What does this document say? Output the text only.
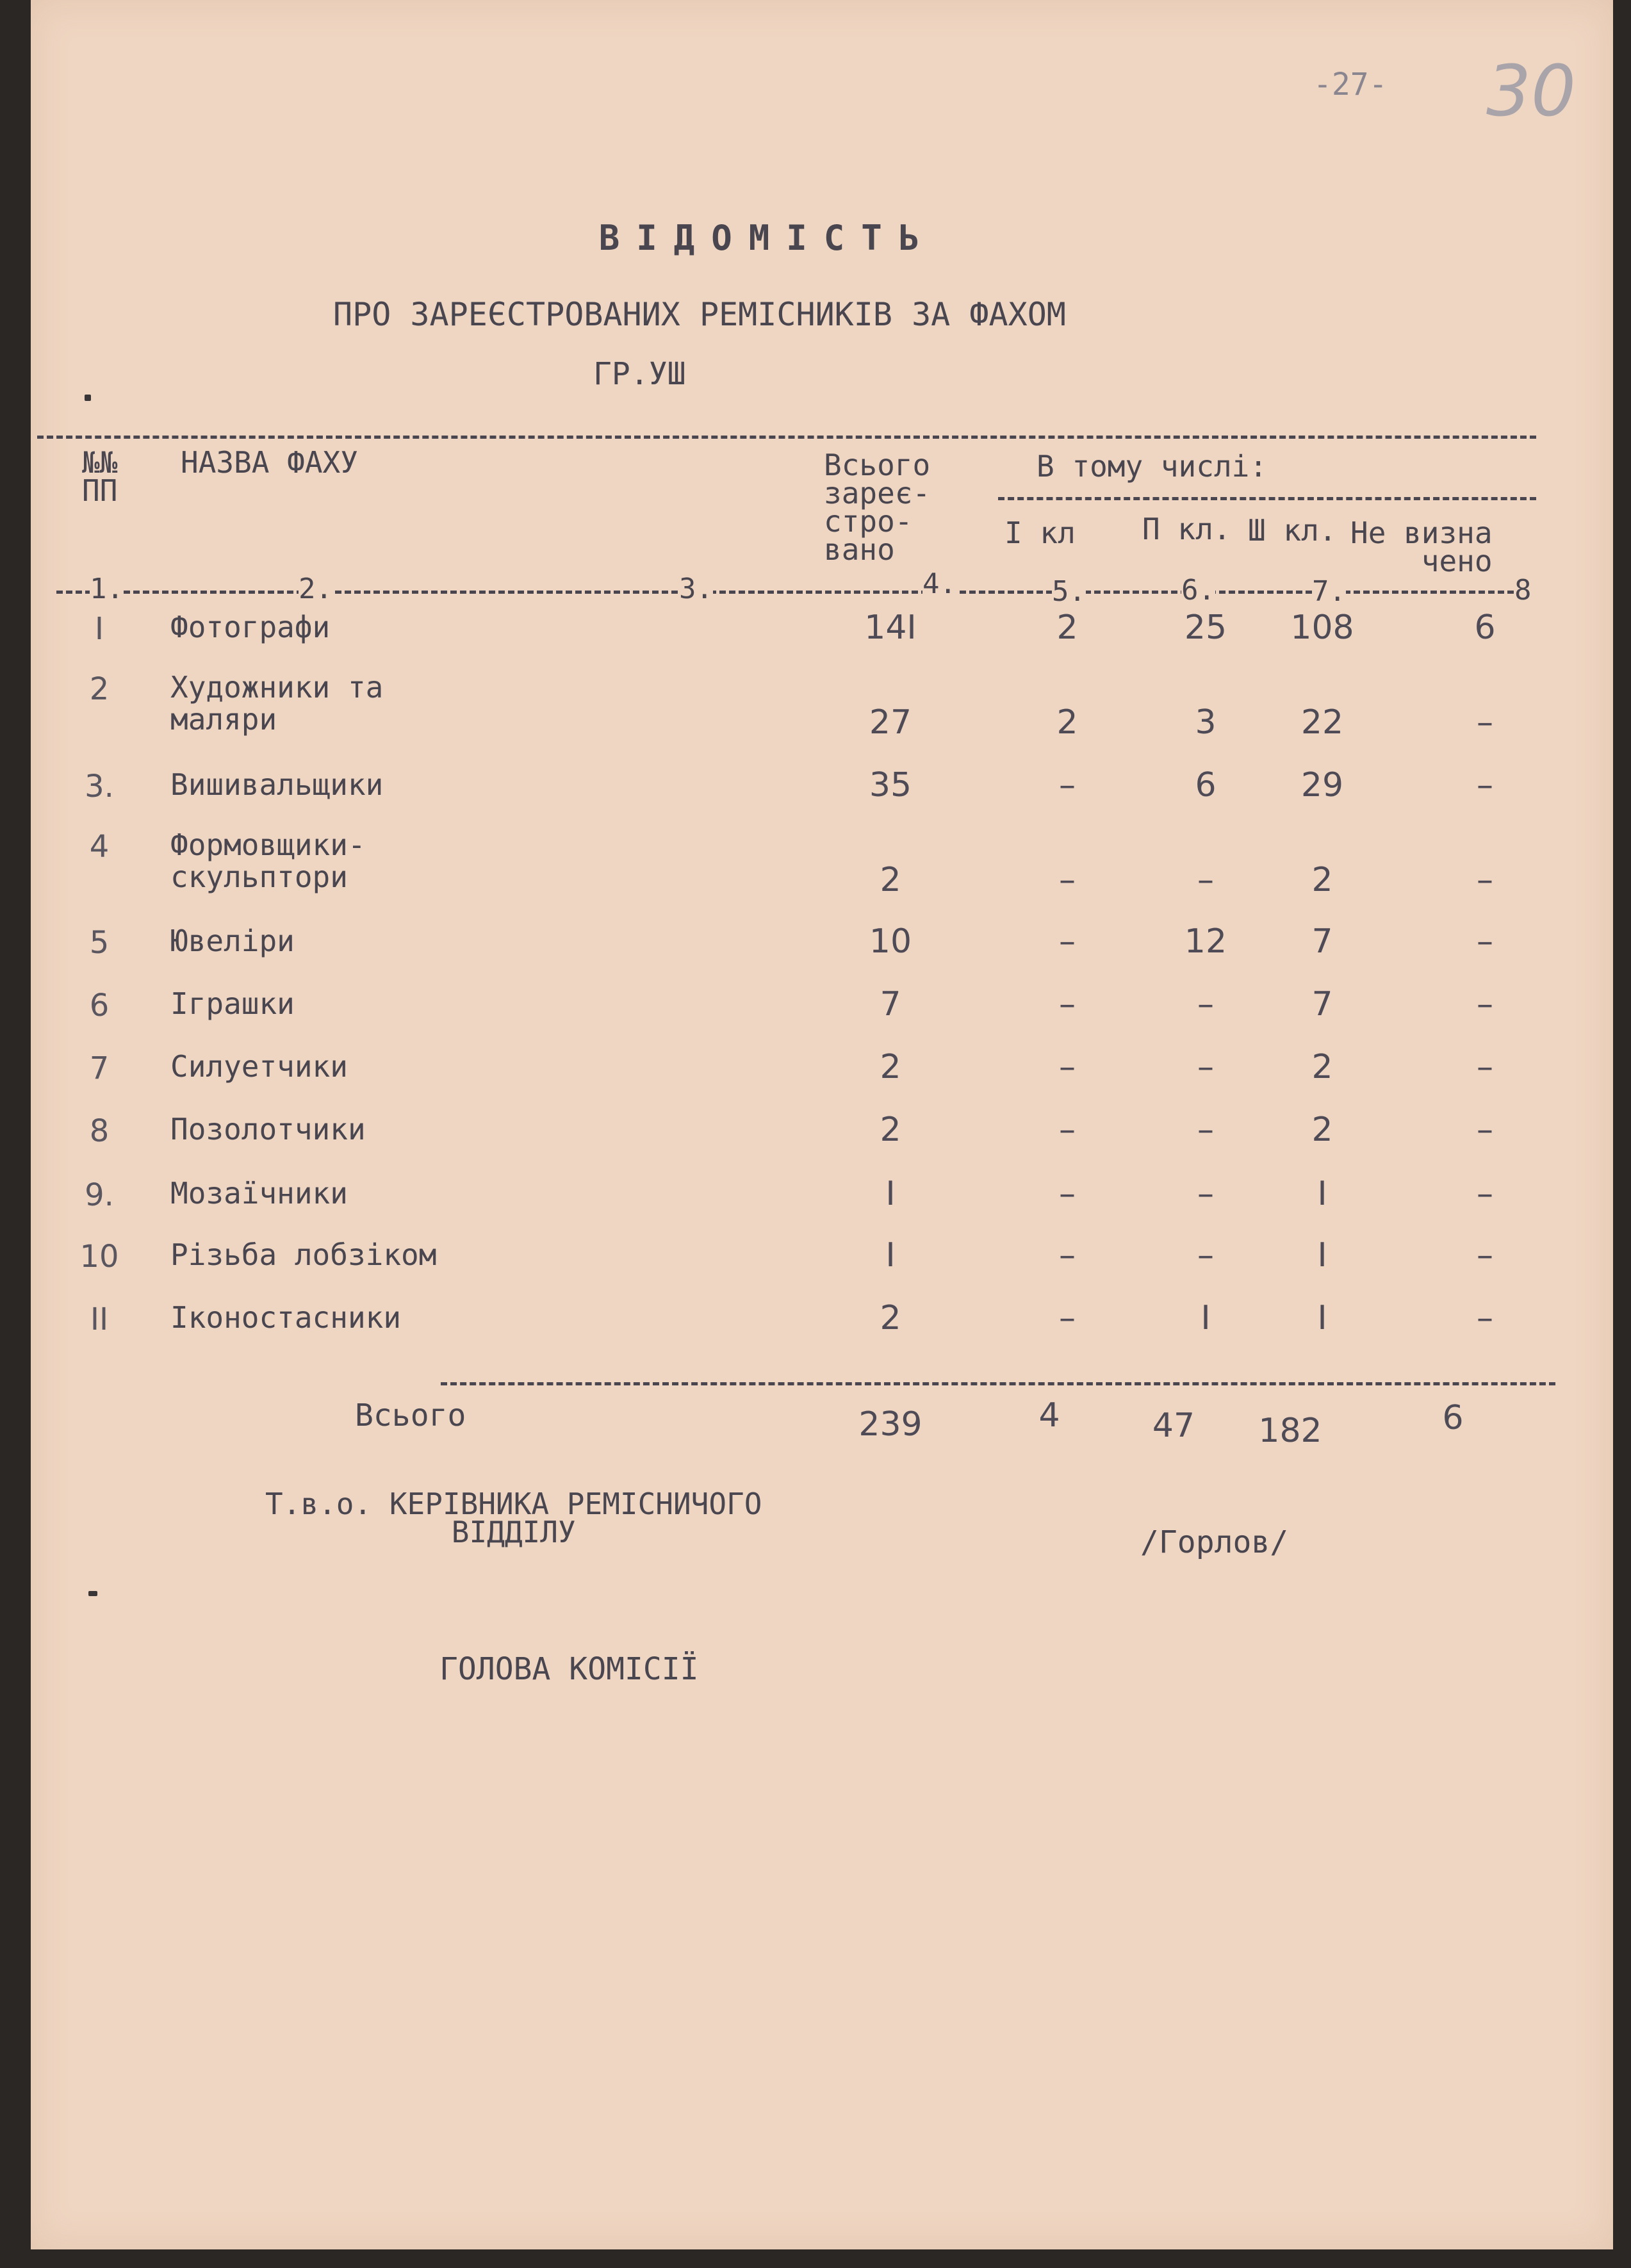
-27- 30
ВІДОМІСТЬ
ПРО ЗАРЕЄСТРОВАНИХ РЕМІСНИКІВ ЗА ФАХОМ
ГР.УШ
№№
ПП
НАЗВА ФАХУ	Всього
зареє-
стро-
вано
В тому числі:
І кл П кл. Ш кл. Не визна
чено
1.	2.	3.	4.	5.	6.	7.	8
І	Фотографи	14І	2	25	108	6
2	Художники та
маляри	27	2	3	22	–
3.	Вишивальщики	35	–	6	29	–
4	Формовщики-
скульптори	2	–	–	2	–
5	Ювеліри	10	–	12	7	–
6	Іграшки	7	–	–	7	–
7	Силуетчики	2	–	–	2	–
8	Позолотчики	2	–	–	2	–
9.	Мозаїчники	І	–	–	І	–
10	Різьба лобзіком	І	–	–	І	–
ІІ	Іконостасники	2	–	І	І	–
Всього	239	4	47	182	6
Т.в.о. КЕРІВНИКА РЕМІСНИЧОГО
ВІДДІЛУ	/Горлов/
ГОЛОВА КОМІСІЇ
